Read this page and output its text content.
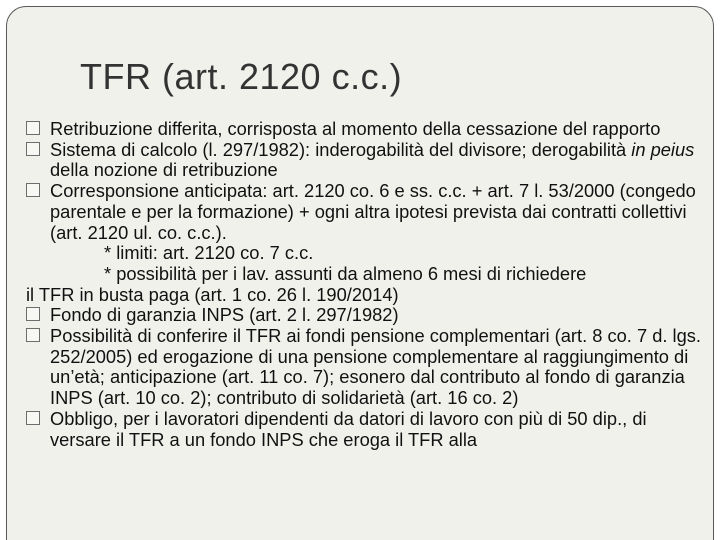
TFR (art. 2120 c.c.)
Retribuzione differita, corrisposta al momento della cessazione del rapporto
Sistema di calcolo (l. 297/1982): inderogabilità del divisore; derogabilità in peius della nozione di retribuzione
Corresponsione anticipata: art. 2120 co. 6 e ss. c.c. + art. 7 l. 53/2000 (congedo parentale e per la formazione) + ogni altra ipotesi prevista dai contratti collettivi (art. 2120 ul. co. c.c.).
* limiti: art. 2120 co. 7 c.c.
* possibilità per i lav. assunti da almeno 6 mesi di richiedere
il TFR in busta paga (art. 1 co. 26 l. 190/2014)
Fondo di garanzia INPS (art. 2 l. 297/1982)
Possibilità di conferire il TFR ai fondi pensione complementari (art. 8 co. 7 d. lgs. 252/2005) ed erogazione di una pensione complementare al raggiungimento di un’età; anticipazione (art. 11 co. 7); esonero dal contributo al fondo di garanzia INPS (art. 10 co. 2); contributo di solidarietà (art. 16 co. 2)
Obbligo, per i lavoratori dipendenti da datori di lavoro con più di 50 dip., di versare il TFR a un fondo INPS che eroga il TFR alla
